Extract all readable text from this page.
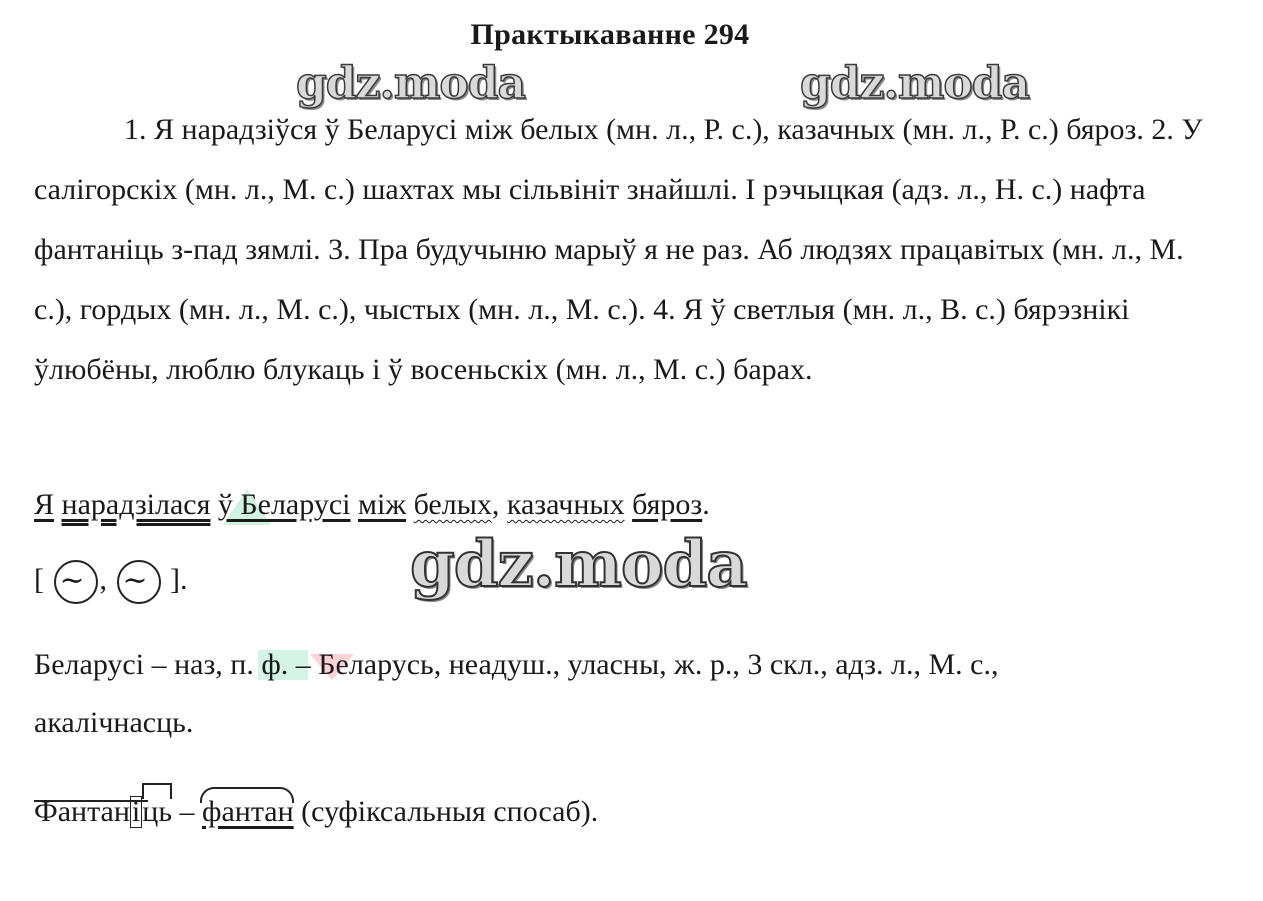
Практыкаванне 294
gdz.moda	gdz.moda
1. Я нарадзіўся ў Беларусі між белых (мн. л., Р. с.), казачных (мн. л., Р. с.) бяроз. 2. У салігорскіх (мн. л., М. с.) шахтах мы сільвініт знайшлі. І рэчыцкая (адз. л., Н. с.) нафта фантаніць з-пад зямлі. 3. Пра будучыню марыў я не раз. Аб людзях працавітых (мн. л., М. с.), гордых (мн. л., М. с.), чыстых (мн. л., М. с.). 4. Я ў светлыя (мн. л., В. с.) бярэзнікі ўлюбёны, люблю блукаць і ў восеньскіх (мн. л., М. с.) барах.
Я нарадзілася ў Беларусі між белых, казачных бяроз.
[ ∼ , ∼ ].	gdz.moda
Беларусі – наз, п. ф. – Беларусь, неадуш., уласны, ж. р., 3 скл., адз. л., М. с.,
акалічнасць.
Фантаніць – фантан (суфіксальныя спосаб).
